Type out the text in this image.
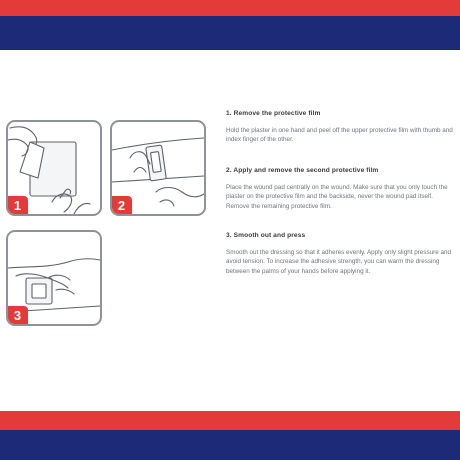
1	2
3

1. Remove the protective film

Hold the plaster in one hand and peel off the upper protective film with thumb and index finger of the other.

2. Apply and remove the second protective film

Place the wound pad centrally on the wound. Make sure that you only touch the plaster on the protective film and the backside, never the wound pad itself. Remove the remaining protective film.

3. Smooth out and press

Smooth out the dressing so that it adheres evenly. Apply only slight pressure and avoid tension. To increase the adhesive strength, you can warm the dressing between the palms of your hands before applying it.
